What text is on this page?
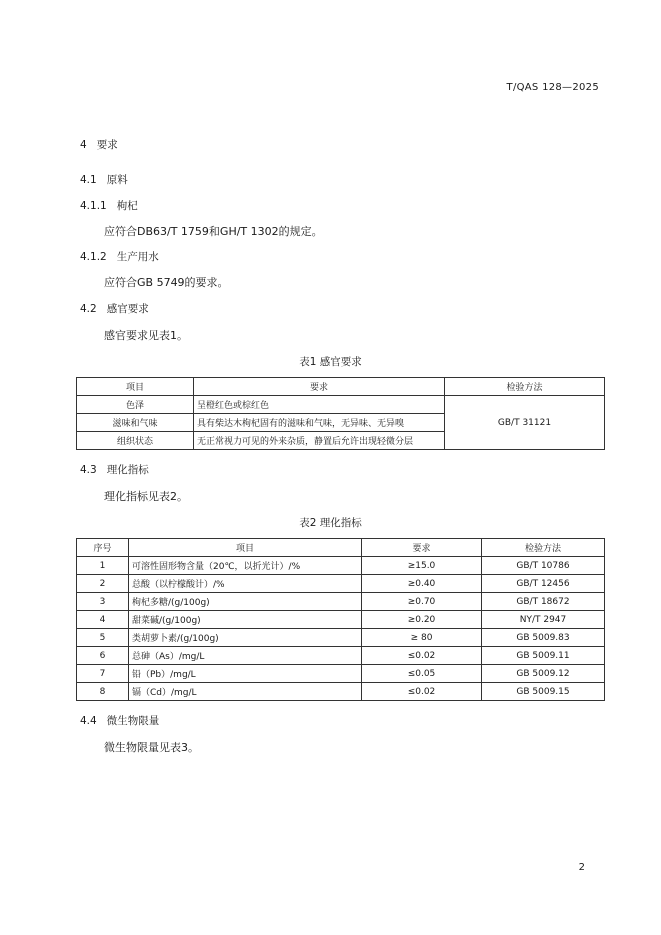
T/QAS 128—2025
4 要求
4.1 原料
4.1.1 枸杞
应符合DB63/T 1759和GH/T 1302的规定。
4.1.2 生产用水
应符合GB 5749的要求。
4.2 感官要求
感官要求见表1。
表1 感官要求
项目	要求	检验方法
色泽	呈橙红色或棕红色	GB/T 31121
滋味和气味	具有柴达木枸杞固有的滋味和气味，无异味、无异嗅	
组织状态	无正常视力可见的外来杂质，静置后允许出现轻微分层	
4.3 理化指标
理化指标见表2。
表2 理化指标
序号	项目	要求	检验方法
1	可溶性固形物含量（20℃，以折光计）/%	≥15.0	GB/T 10786
2	总酸（以柠檬酸计）/%	≥0.40	GB/T 12456
3	枸杞多糖/(g/100g)	≥0.70	GB/T 18672
4	甜菜碱/(g/100g)	≥0.20	NY/T 2947
5	类胡萝卜素/(g/100g)	≥ 80	GB 5009.83
6	总砷（As）/mg/L	≤0.02	GB 5009.11
7	铅（Pb）/mg/L	≤0.05	GB 5009.12
8	镉（Cd）/mg/L	≤0.02	GB 5009.15
4.4 微生物限量
微生物限量见表3。
2
